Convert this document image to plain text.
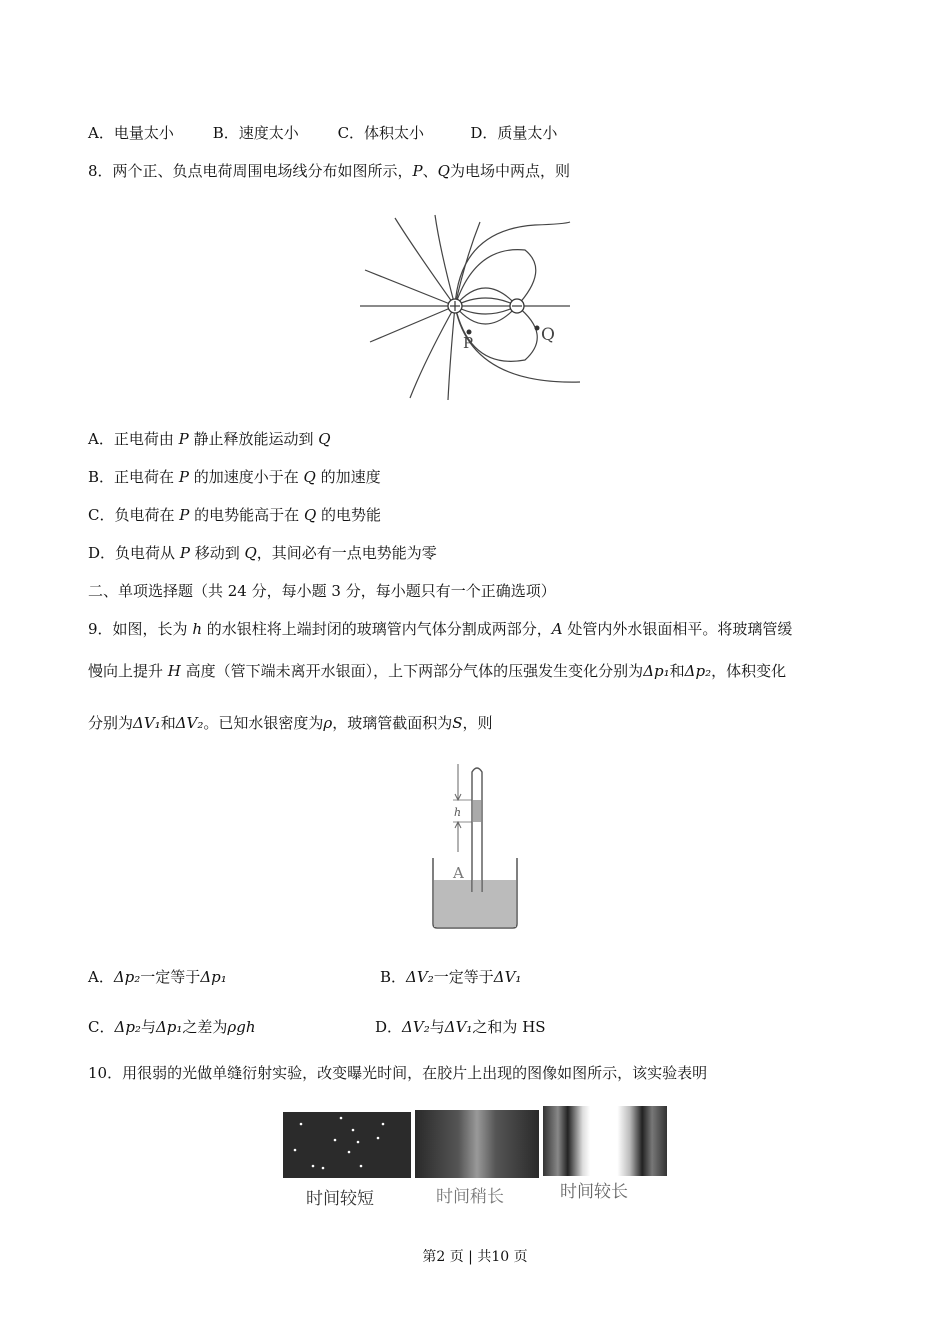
A．电量太小	B．速度太小	C．体积太小	D．质量太小
8．两个正、负点电荷周围电场线分布如图所示，P、Q为电场中两点，则
P	Q
A．正电荷由 P 静止释放能运动到 Q
B．正电荷在 P 的加速度小于在 Q 的加速度
C．负电荷在 P 的电势能高于在 Q 的电势能
D．负电荷从 P 移动到 Q，其间必有一点电势能为零
二、单项选择题（共 24 分，每小题 3 分，每小题只有一个正确选项）
9．如图，长为 h 的水银柱将上端封闭的玻璃管内气体分割成两部分，A 处管内外水银面相平。将玻璃管缓
慢向上提升 H 高度（管下端未离开水银面），上下两部分气体的压强发生变化分别为Δp₁和Δp₂，体积变化
分别为ΔV₁和ΔV₂。已知水银密度为ρ，玻璃管截面积为S，则
h
A
A．Δp₂一定等于Δp₁	B．ΔV₂一定等于ΔV₁
C．Δp₂与Δp₁之差为ρgh	D．ΔV₂与ΔV₁之和为 HS
10．用很弱的光做单缝衍射实验，改变曝光时间，在胶片上出现的图像如图所示，该实验表明
时间较短	时间稍长	时间较长
第2 页 | 共10 页
